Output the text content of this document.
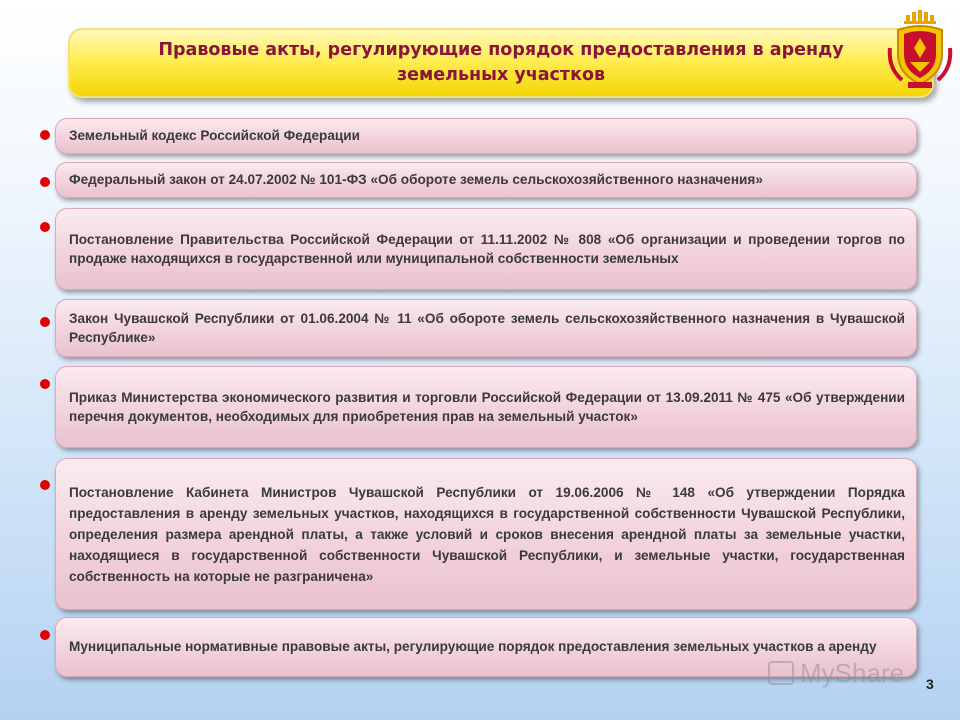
Правовые акты, регулирующие порядок предоставления в аренду земельных участков
Земельный кодекс Российской Федерации
Федеральный закон от 24.07.2002 № 101-ФЗ «Об обороте земель сельскохозяйственного назначения»
Постановление Правительства Российской Федерации от 11.11.2002 № 808 «Об организации и проведении торгов по продаже находящихся в государственной или муниципальной собственности земельных
Закон Чувашской Республики от 01.06.2004 № 11 «Об обороте земель сельскохозяйственного назначения в Чувашской Республике»
Приказ Министерства экономического развития и торговли Российской Федерации от 13.09.2011 № 475 «Об утверждении перечня документов, необходимых для приобретения прав на земельный участок»
Постановление Кабинета Министров Чувашской Республики от 19.06.2006 № 148 «Об утверждении Порядка предоставления в аренду земельных участков, находящихся в государственной собственности Чувашской Республики, определения размера арендной платы, а также условий и сроков внесения арендной платы за земельные участки, находящиеся в государственной собственности Чувашской Республики, и земельные участки, государственная собственность на которые не разграничена»
Муниципальные нормативные правовые акты, регулирующие порядок предоставления земельных участков а аренду
MyShare 3
